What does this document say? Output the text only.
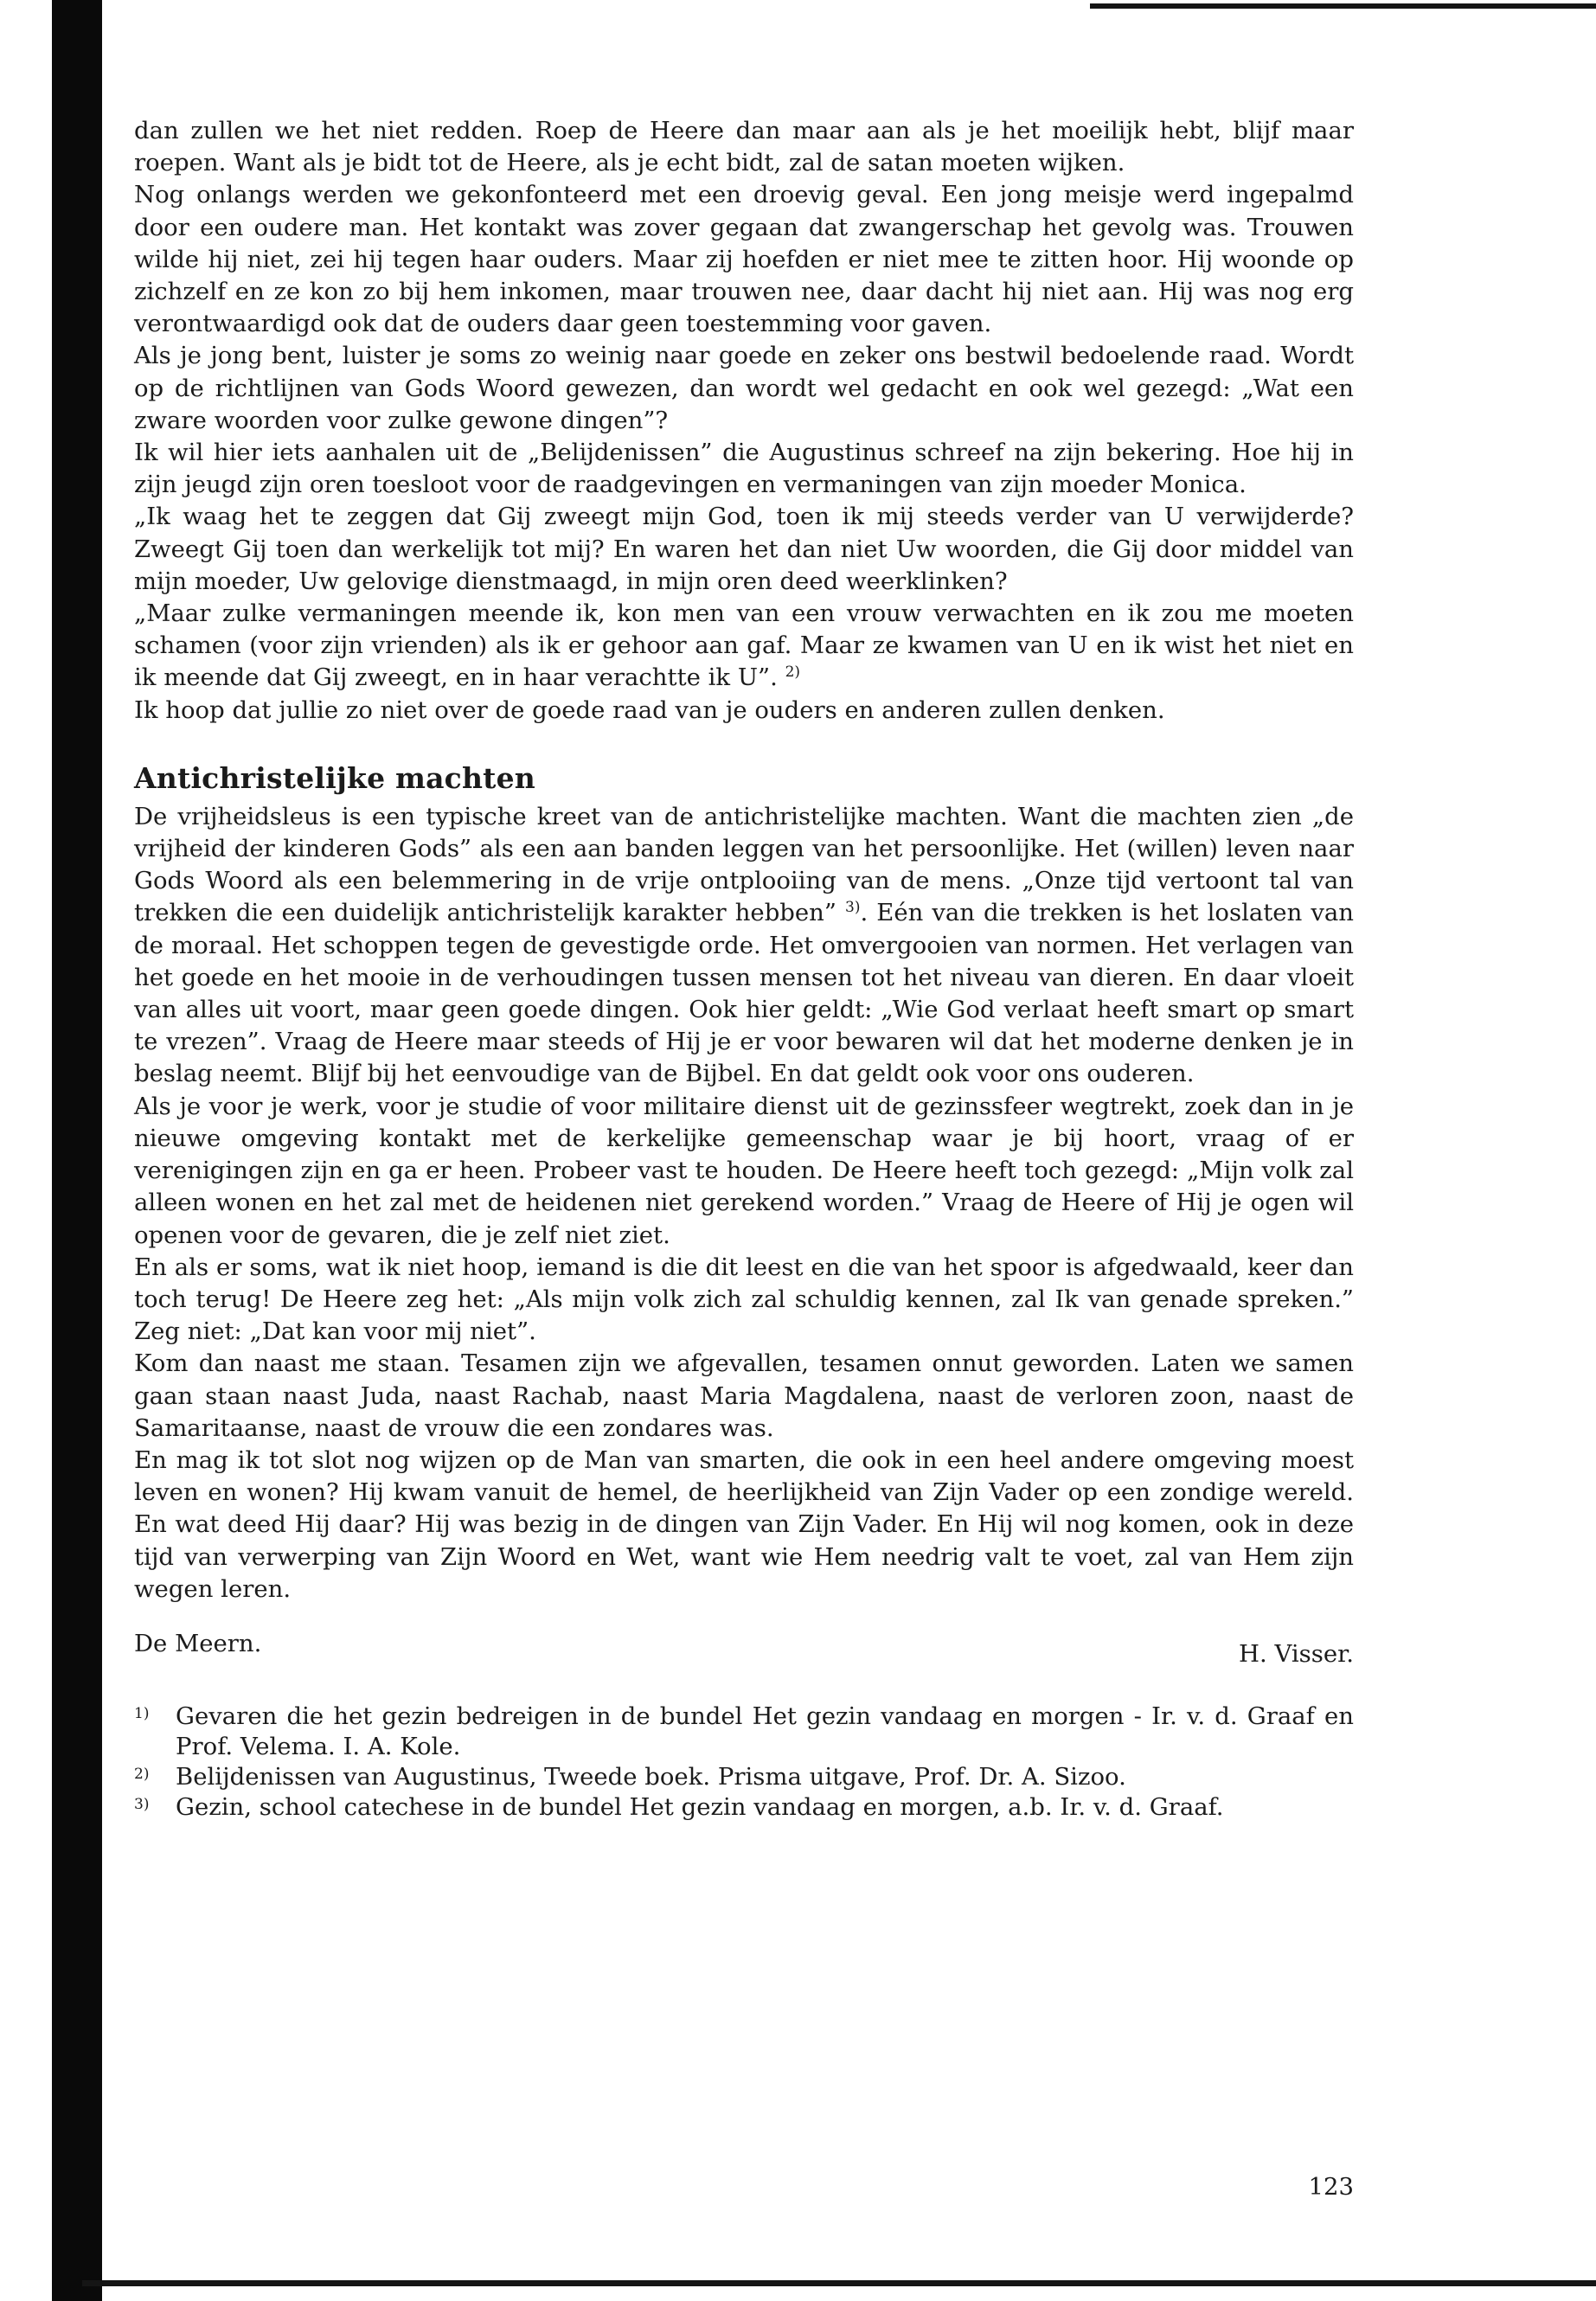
dan zullen we het niet redden. Roep de Heere dan maar aan als je het moeilijk hebt, blijf maar roepen. Want als je bidt tot de Heere, als je echt bidt, zal de satan moeten wijken.

Nog onlangs werden we gekonfonteerd met een droevig geval. Een jong meisje werd ingepalmd door een oudere man. Het kontakt was zover gegaan dat zwangerschap het gevolg was. Trouwen wilde hij niet, zei hij tegen haar ouders. Maar zij hoefden er niet mee te zitten hoor. Hij woonde op zichzelf en ze kon zo bij hem inkomen, maar trouwen nee, daar dacht hij niet aan. Hij was nog erg verontwaardigd ook dat de ouders daar geen toestemming voor gaven.

Als je jong bent, luister je soms zo weinig naar goede en zeker ons bestwil bedoelende raad. Wordt op de richtlijnen van Gods Woord gewezen, dan wordt wel gedacht en ook wel gezegd: „Wat een zware woorden voor zulke gewone dingen”?

Ik wil hier iets aanhalen uit de „Belijdenissen” die Augustinus schreef na zijn bekering. Hoe hij in zijn jeugd zijn oren toesloot voor de raadgevingen en vermaningen van zijn moeder Monica.

„Ik waag het te zeggen dat Gij zweegt mijn God, toen ik mij steeds verder van U verwijderde? Zweegt Gij toen dan werkelijk tot mij? En waren het dan niet Uw woorden, die Gij door middel van mijn moeder, Uw gelovige dienstmaagd, in mijn oren deed weerklinken?

„Maar zulke vermaningen meende ik, kon men van een vrouw verwachten en ik zou me moeten schamen (voor zijn vrienden) als ik er gehoor aan gaf. Maar ze kwamen van U en ik wist het niet en ik meende dat Gij zweegt, en in haar verachtte ik U”. $^{2)}$

Ik hoop dat jullie zo niet over de goede raad van je ouders en anderen zullen denken.

Antichristelijke machten

De vrijheidsleus is een typische kreet van de antichristelijke machten. Want die machten zien „de vrijheid der kinderen Gods” als een aan banden leggen van het persoonlijke. Het (willen) leven naar Gods Woord als een belemmering in de vrije ontplooiing van de mens. „Onze tijd vertoont tal van trekken die een duidelijk antichristelijk karakter hebben” $^{3)}$. Eén van die trekken is het loslaten van de moraal. Het schoppen tegen de gevestigde orde. Het omvergooien van normen. Het verlagen van het goede en het mooie in de verhoudingen tussen mensen tot het niveau van dieren. En daar vloeit van alles uit voort, maar geen goede dingen. Ook hier geldt: „Wie God verlaat heeft smart op smart te vrezen”. Vraag de Heere maar steeds of Hij je er voor bewaren wil dat het moderne denken je in beslag neemt. Blijf bij het eenvoudige van de Bijbel. En dat geldt ook voor ons ouderen.

Als je voor je werk, voor je studie of voor militaire dienst uit de gezinssfeer wegtrekt, zoek dan in je nieuwe omgeving kontakt met de kerkelijke gemeenschap waar je bij hoort, vraag of er verenigingen zijn en ga er heen. Probeer vast te houden. De Heere heeft toch gezegd: „Mijn volk zal alleen wonen en het zal met de heidenen niet gerekend worden.” Vraag de Heere of Hij je ogen wil openen voor de gevaren, die je zelf niet ziet.

En als er soms, wat ik niet hoop, iemand is die dit leest en die van het spoor is afgedwaald, keer dan toch terug! De Heere zeg het: „Als mijn volk zich zal schuldig kennen, zal Ik van genade spreken.” Zeg niet: „Dat kan voor mij niet”.

Kom dan naast me staan. Tesamen zijn we afgevallen, tesamen onnut geworden. Laten we samen gaan staan naast Juda, naast Rachab, naast Maria Magdalena, naast de verloren zoon, naast de Samaritaanse, naast de vrouw die een zondares was.

En mag ik tot slot nog wijzen op de Man van smarten, die ook in een heel andere omgeving moest leven en wonen? Hij kwam vanuit de hemel, de heerlijkheid van Zijn Vader op een zondige wereld. En wat deed Hij daar? Hij was bezig in de dingen van Zijn Vader. En Hij wil nog komen, ook in deze tijd van verwerping van Zijn Woord en Wet, want wie Hem needrig valt te voet, zal van Hem zijn wegen leren.

De Meern.	H. Visser.
1)	Gevaren die het gezin bedreigen in de bundel Het gezin vandaag en morgen - Ir. v. d. Graaf en Prof. Velema. I. A. Kole.
2)	Belijdenissen van Augustinus, Tweede boek. Prisma uitgave, Prof. Dr. A. Sizoo.
3)	Gezin, school catechese in de bundel Het gezin vandaag en morgen, a.b. Ir. v. d. Graaf.
123
